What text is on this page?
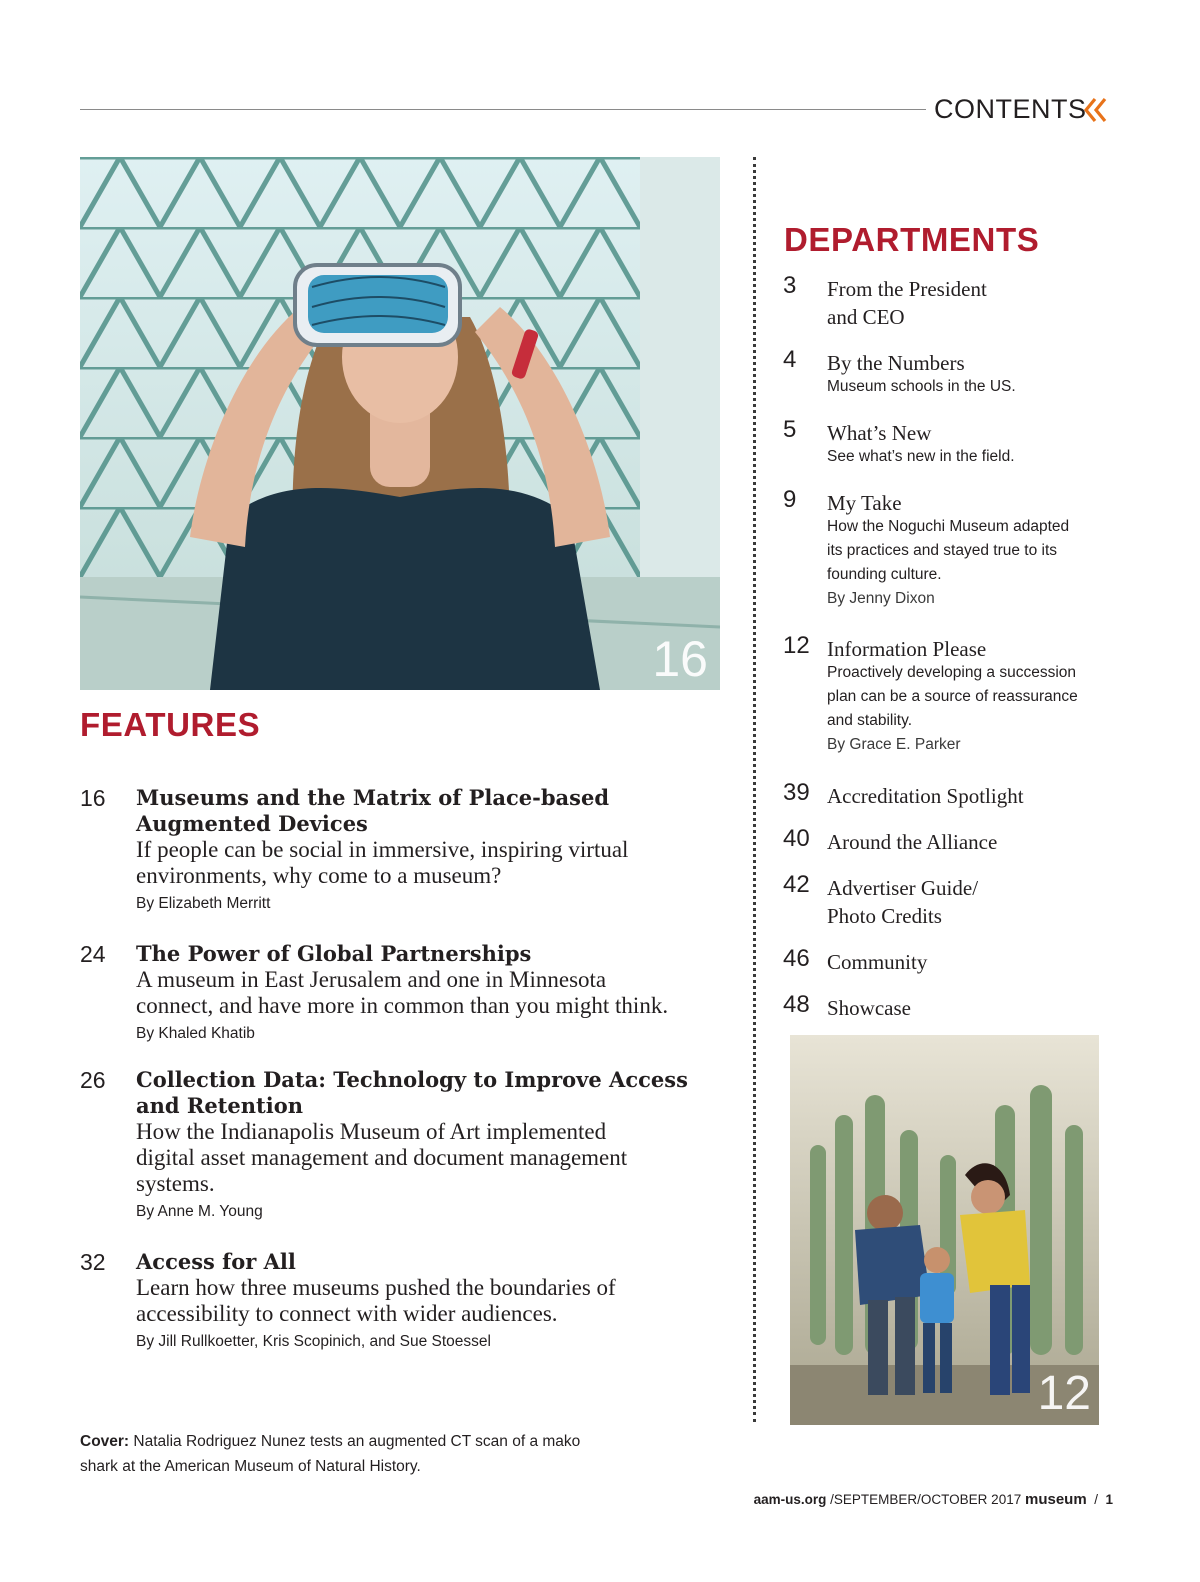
CONTENTS
16
FEATURES
16 Museums and the Matrix of Place-based
Augmented Devices
If people can be social in immersive, inspiring virtual
environments, why come to a museum?
By Elizabeth Merritt
24 The Power of Global Partnerships
A museum in East Jerusalem and one in Minnesota
connect, and have more in common than you might think.
By Khaled Khatib
26 Collection Data: Technology to Improve Access
and Retention
How the Indianapolis Museum of Art implemented
digital asset management and document management
systems.
By Anne M. Young
32 Access for All
Learn how three museums pushed the boundaries of
accessibility to connect with wider audiences.
By Jill Rullkoetter, Kris Scopinich, and Sue Stoessel
DEPARTMENTS
3 From the President
and CEO
4 By the Numbers
Museum schools in the US.
5 What’s New
See what’s new in the field.
9 My Take
How the Noguchi Museum adapted
its practices and stayed true to its
founding culture.
By Jenny Dixon
12 Information Please
Proactively developing a succession
plan can be a source of reassurance
and stability.
By Grace E. Parker
39 Accreditation Spotlight
40 Around the Alliance
42 Advertiser Guide/
Photo Credits
46 Community
48 Showcase
12
Cover: Natalia Rodriguez Nunez tests an augmented CT scan of a mako
shark at the American Museum of Natural History.
aam-us.org /SEPTEMBER/OCTOBER 2017 museum / 1
